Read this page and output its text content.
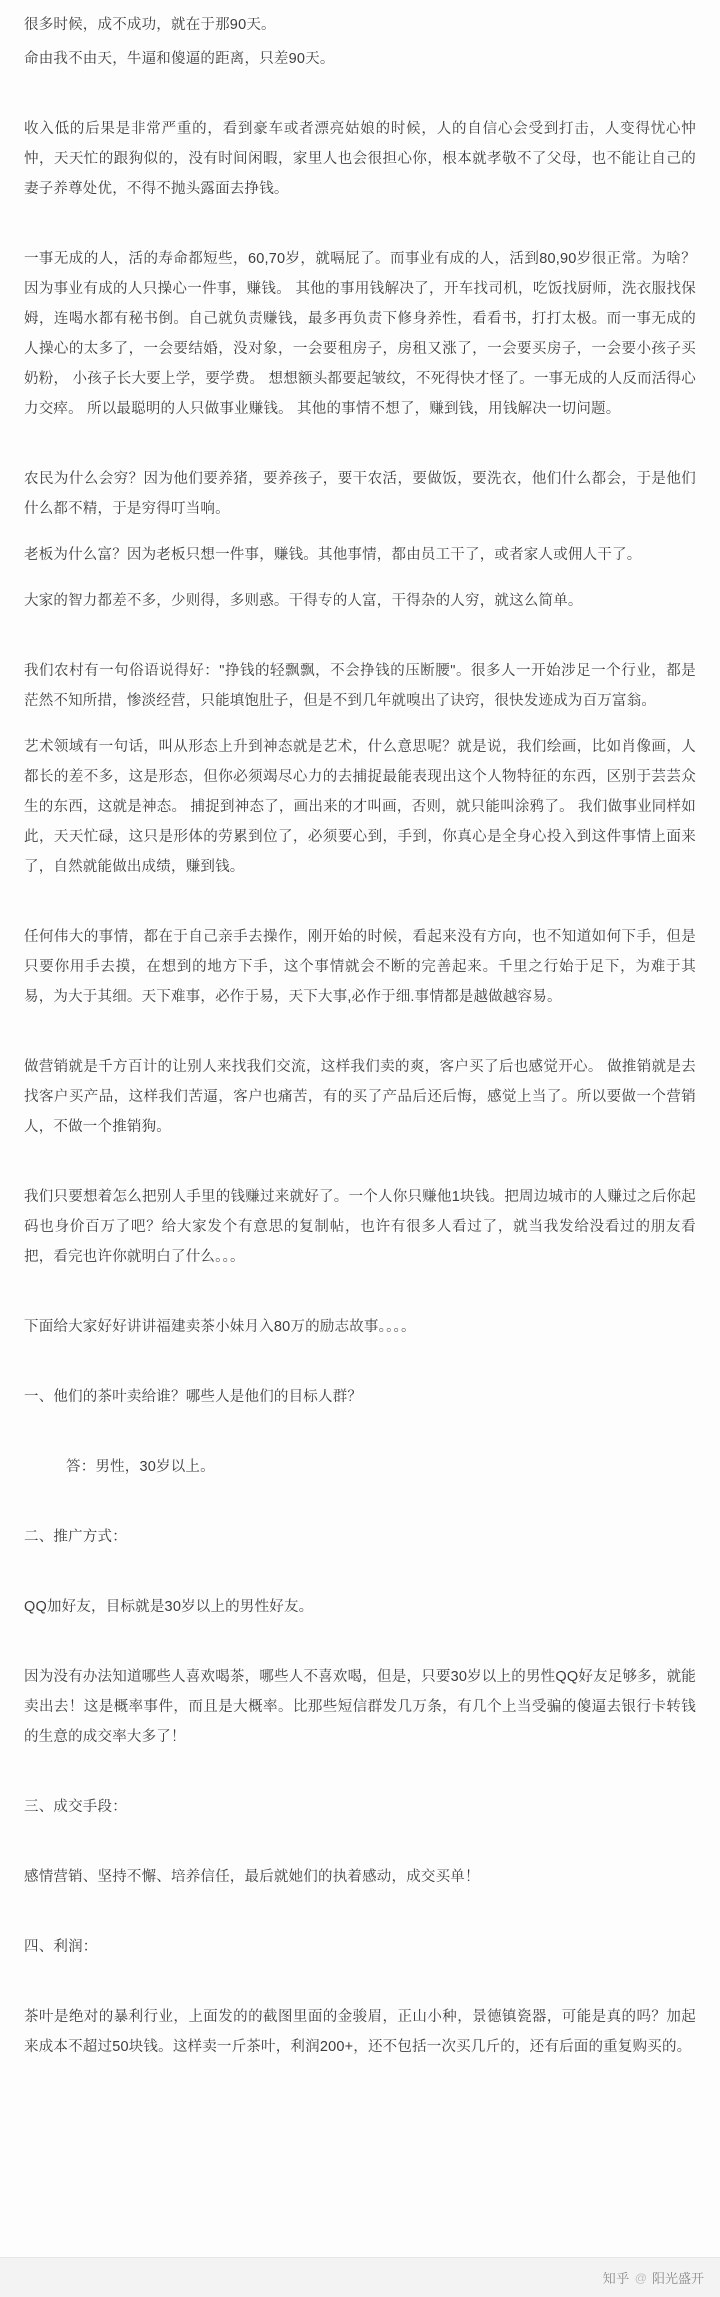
很多时候，成不成功，就在于那90天。

命由我不由天，牛逼和傻逼的距离，只差90天。

收入低的后果是非常严重的，看到豪车或者漂亮姑娘的时候，人的自信心会受到打击，人变得忧心忡忡，天天忙的跟狗似的，没有时间闲暇，家里人也会很担心你，根本就孝敬不了父母，也不能让自己的妻子养尊处优，不得不抛头露面去挣钱。

一事无成的人，活的寿命都短些，60,70岁，就嗝屁了。而事业有成的人，活到80,90岁很正常。为啥？因为事业有成的人只操心一件事，赚钱。 其他的事用钱解决了，开车找司机，吃饭找厨师，洗衣服找保姆，连喝水都有秘书倒。自己就负责赚钱，最多再负责下修身养性，看看书，打打太极。而一事无成的人操心的太多了，一会要结婚，没对象，一会要租房子，房租又涨了，一会要买房子，一会要小孩子买奶粉， 小孩子长大要上学，要学费。 想想额头都要起皱纹，不死得快才怪了。一事无成的人反而活得心力交瘁。 所以最聪明的人只做事业赚钱。 其他的事情不想了，赚到钱，用钱解决一切问题。

农民为什么会穷？因为他们要养猪，要养孩子，要干农活，要做饭，要洗衣，他们什么都会，于是他们什么都不精，于是穷得叮当响。

老板为什么富？因为老板只想一件事，赚钱。其他事情，都由员工干了，或者家人或佣人干了。

大家的智力都差不多，少则得，多则惑。干得专的人富，干得杂的人穷，就这么简单。

我们农村有一句俗语说得好："挣钱的轻飘飘，不会挣钱的压断腰"。很多人一开始涉足一个行业，都是茫然不知所措，惨淡经营，只能填饱肚子，但是不到几年就嗅出了诀窍，很快发迹成为百万富翁。

艺术领域有一句话，叫从形态上升到神态就是艺术，什么意思呢？就是说，我们绘画，比如肖像画，人都长的差不多，这是形态，但你必须竭尽心力的去捕捉最能表现出这个人物特征的东西，区别于芸芸众生的东西，这就是神态。 捕捉到神态了，画出来的才叫画，否则，就只能叫涂鸦了。 我们做事业同样如此，天天忙碌，这只是形体的劳累到位了，必须要心到，手到，你真心是全身心投入到这件事情上面来了，自然就能做出成绩，赚到钱。

任何伟大的事情，都在于自己亲手去操作，刚开始的时候，看起来没有方向，也不知道如何下手，但是只要你用手去摸，在想到的地方下手，这个事情就会不断的完善起来。千里之行始于足下，为难于其易，为大于其细。天下难事，必作于易，天下大事,必作于细.事情都是越做越容易。

做营销就是千方百计的让别人来找我们交流，这样我们卖的爽，客户买了后也感觉开心。 做推销就是去找客户买产品，这样我们苦逼，客户也痛苦，有的买了产品后还后悔，感觉上当了。所以要做一个营销人，不做一个推销狗。

我们只要想着怎么把别人手里的钱赚过来就好了。一个人你只赚他1块钱。把周边城市的人赚过之后你起码也身价百万了吧？给大家发个有意思的复制帖，也许有很多人看过了，就当我发给没看过的朋友看把，看完也许你就明白了什么。。。

下面给大家好好讲讲福建卖茶小妹月入80万的励志故事。。。。

一、他们的茶叶卖给谁？哪些人是他们的目标人群？

答：男性，30岁以上。

二、推广方式：

QQ加好友，目标就是30岁以上的男性好友。

因为没有办法知道哪些人喜欢喝茶，哪些人不喜欢喝，但是，只要30岁以上的男性QQ好友足够多，就能卖出去！这是概率事件，而且是大概率。比那些短信群发几万条，有几个上当受骗的傻逼去银行卡转钱的生意的成交率大多了！

三、成交手段：

感情营销、坚持不懈、培养信任，最后就她们的执着感动，成交买单！

四、利润：

茶叶是绝对的暴利行业，上面发的的截图里面的金骏眉，正山小种，景德镇瓷器，可能是真的吗？加起来成本不超过50块钱。这样卖一斤茶叶，利润200+，还不包括一次买几斤的，还有后面的重复购买的。

知乎 @ 阳光盛开
